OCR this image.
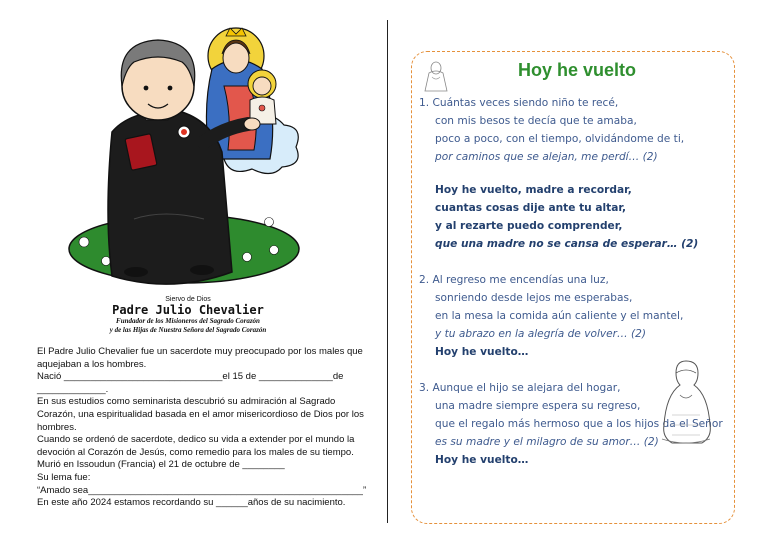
Siervo de Dios
Padre Julio Chevalier
Fundador de los Misioneros del Sagrado Corazón
y de las Hijas de Nuestra Señora del Sagrado Corazón

El Padre Julio Chevalier fue un sacerdote muy preocupado por los males que aquejaban a los hombres.

Nació ______________________________el 15 de ______________de _____________.

En sus estudios como seminarista descubrió su admiración al Sagrado Corazón, una espiritualidad basada en el amor misericordioso de Dios por los hombres.

Cuando se ordenó de sacerdote, dedico su vida a extender por el mundo la devoción al Corazón de Jesús, como remedio para los males de su tiempo.

Murió en Issoudun (Francia) el 21 de octubre de ________

Su lema fue:

“Amado sea____________________________________________________”

En este año 2024 estamos recordando su ______años de su nacimiento.

Hoy he vuelto
1. Cuántas veces siendo niño te recé,
con mis besos te decía que te amaba,
poco a poco, con el tiempo, olvidándome de ti,
por caminos que se alejan, me perdí… (2)
Hoy he vuelto, madre a recordar,
cuantas cosas dije ante tu altar,
y al rezarte puedo comprender,
que una madre no se cansa de esperar… (2)
2. Al regreso me encendías una luz,
sonriendo desde lejos me esperabas,
en la mesa la comida aún caliente y el mantel,
y tu abrazo en la alegría de volver… (2)
Hoy he vuelto…
3. Aunque el hijo se alejara del hogar,
una madre siempre espera su regreso,
que el regalo más hermoso que a los hijos da el Señor
es su madre y el milagro de su amor… (2)
Hoy he vuelto…
